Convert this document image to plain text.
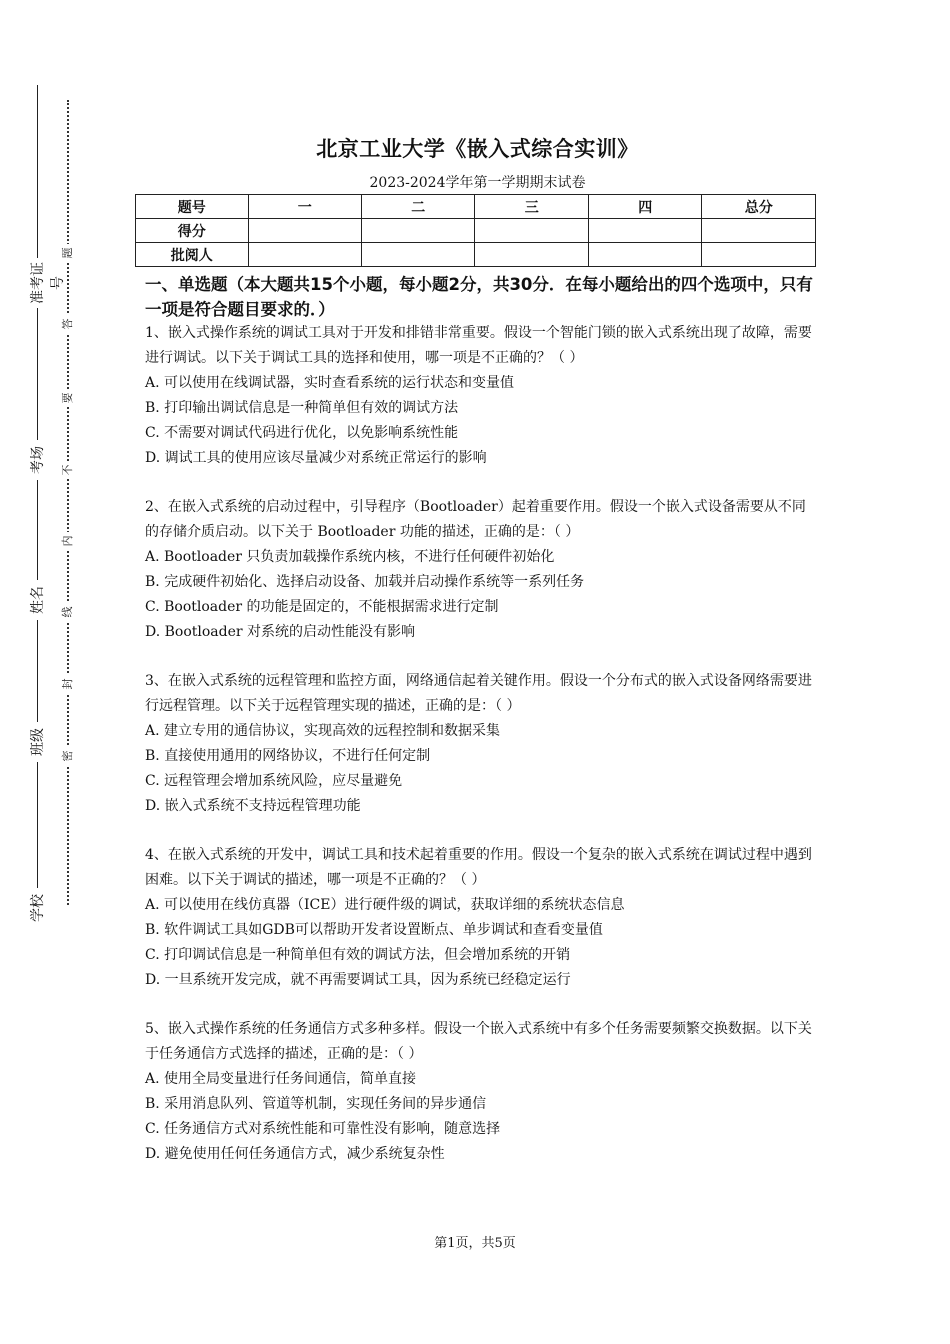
准考证号
考场
姓名
班级
学校
题
答
要
不
内
线
封
密
北京工业大学《嵌入式综合实训》
2023-2024学年第一学期期末试卷
题号	一	二	三	四	总分
得分					
批阅人					
一、单选题（本大题共15个小题，每小题2分，共30分．在每小题给出的四个选项中，只有一项是符合题目要求的．）

1、嵌入式操作系统的调试工具对于开发和排错非常重要。假设一个智能门锁的嵌入式系统出现了故障，需要进行调试。以下关于调试工具的选择和使用，哪一项是不正确的？（ ）

A. 可以使用在线调试器，实时查看系统的运行状态和变量值

B. 打印输出调试信息是一种简单但有效的调试方法

C. 不需要对调试代码进行优化，以免影响系统性能

D. 调试工具的使用应该尽量减少对系统正常运行的影响

2、在嵌入式系统的启动过程中，引导程序（Bootloader）起着重要作用。假设一个嵌入式设备需要从不同的存储介质启动。以下关于 Bootloader 功能的描述，正确的是：（ ）

A. Bootloader 只负责加载操作系统内核，不进行任何硬件初始化

B. 完成硬件初始化、选择启动设备、加载并启动操作系统等一系列任务

C. Bootloader 的功能是固定的，不能根据需求进行定制

D. Bootloader 对系统的启动性能没有影响

3、在嵌入式系统的远程管理和监控方面，网络通信起着关键作用。假设一个分布式的嵌入式设备网络需要进行远程管理。以下关于远程管理实现的描述，正确的是：（ ）

A. 建立专用的通信协议，实现高效的远程控制和数据采集

B. 直接使用通用的网络协议，不进行任何定制

C. 远程管理会增加系统风险，应尽量避免

D. 嵌入式系统不支持远程管理功能

4、在嵌入式系统的开发中，调试工具和技术起着重要的作用。假设一个复杂的嵌入式系统在调试过程中遇到困难。以下关于调试的描述，哪一项是不正确的？（ ）

A. 可以使用在线仿真器（ICE）进行硬件级的调试，获取详细的系统状态信息

B. 软件调试工具如GDB可以帮助开发者设置断点、单步调试和查看变量值

C. 打印调试信息是一种简单但有效的调试方法，但会增加系统的开销

D. 一旦系统开发完成，就不再需要调试工具，因为系统已经稳定运行

5、嵌入式操作系统的任务通信方式多种多样。假设一个嵌入式系统中有多个任务需要频繁交换数据。以下关于任务通信方式选择的描述，正确的是：（ ）

A. 使用全局变量进行任务间通信，简单直接

B. 采用消息队列、管道等机制，实现任务间的异步通信

C. 任务通信方式对系统性能和可靠性没有影响，随意选择

D. 避免使用任何任务通信方式，减少系统复杂性

第1页，共5页
